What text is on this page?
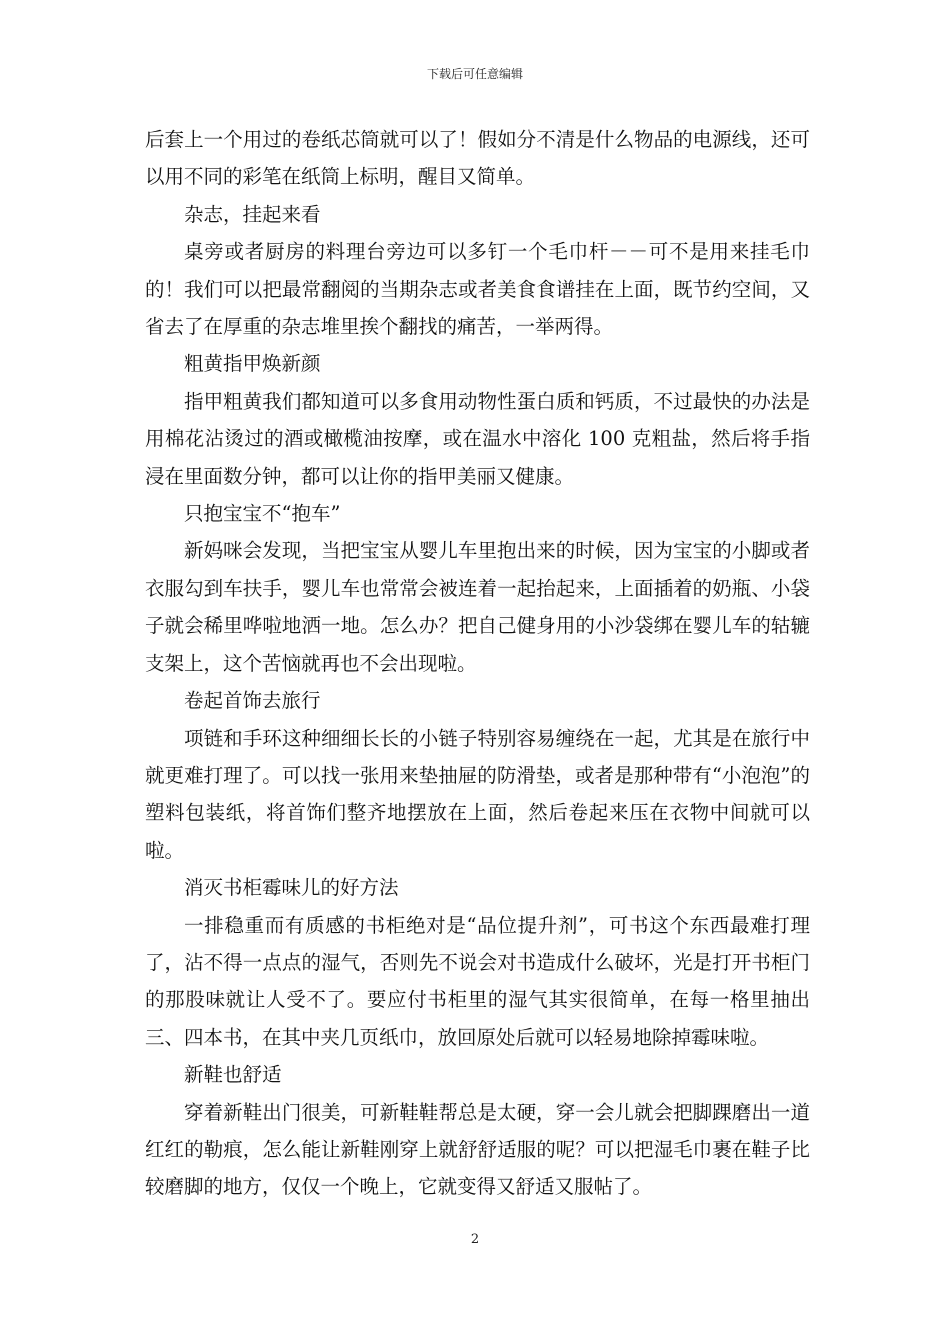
下载后可任意编辑

后套上一个用过的卷纸芯筒就可以了！假如分不清是什么物品的电源线，还可以用不同的彩笔在纸筒上标明，醒目又简单。

杂志，挂起来看

桌旁或者厨房的料理台旁边可以多钉一个毛巾杆－－可不是用来挂毛巾的！我们可以把最常翻阅的当期杂志或者美食食谱挂在上面，既节约空间，又省去了在厚重的杂志堆里挨个翻找的痛苦，一举两得。

粗黄指甲焕新颜

指甲粗黄我们都知道可以多食用动物性蛋白质和钙质，不过最快的办法是用棉花沾烫过的酒或橄榄油按摩，或在温水中溶化 100 克粗盐，然后将手指浸在里面数分钟，都可以让你的指甲美丽又健康。

只抱宝宝不“抱车”

新妈咪会发现，当把宝宝从婴儿车里抱出来的时候，因为宝宝的小脚或者衣服勾到车扶手，婴儿车也常常会被连着一起抬起来，上面插着的奶瓶、小袋子就会稀里哗啦地洒一地。怎么办？把自己健身用的小沙袋绑在婴儿车的轱辘支架上，这个苦恼就再也不会出现啦。

卷起首饰去旅行

项链和手环这种细细长长的小链子特别容易缠绕在一起，尤其是在旅行中就更难打理了。可以找一张用来垫抽屉的防滑垫，或者是那种带有“小泡泡”的塑料包装纸，将首饰们整齐地摆放在上面，然后卷起来压在衣物中间就可以啦。

消灭书柜霉味儿的好方法

一排稳重而有质感的书柜绝对是“品位提升剂”，可书这个东西最难打理了，沾不得一点点的湿气，否则先不说会对书造成什么破坏，光是打开书柜门的那股味就让人受不了。要应付书柜里的湿气其实很简单，在每一格里抽出三、四本书，在其中夹几页纸巾，放回原处后就可以轻易地除掉霉味啦。

新鞋也舒适

穿着新鞋出门很美，可新鞋鞋帮总是太硬，穿一会儿就会把脚踝磨出一道红红的勒痕，怎么能让新鞋刚穿上就舒舒适服的呢？可以把湿毛巾裹在鞋子比较磨脚的地方，仅仅一个晚上，它就变得又舒适又服帖了。

2
